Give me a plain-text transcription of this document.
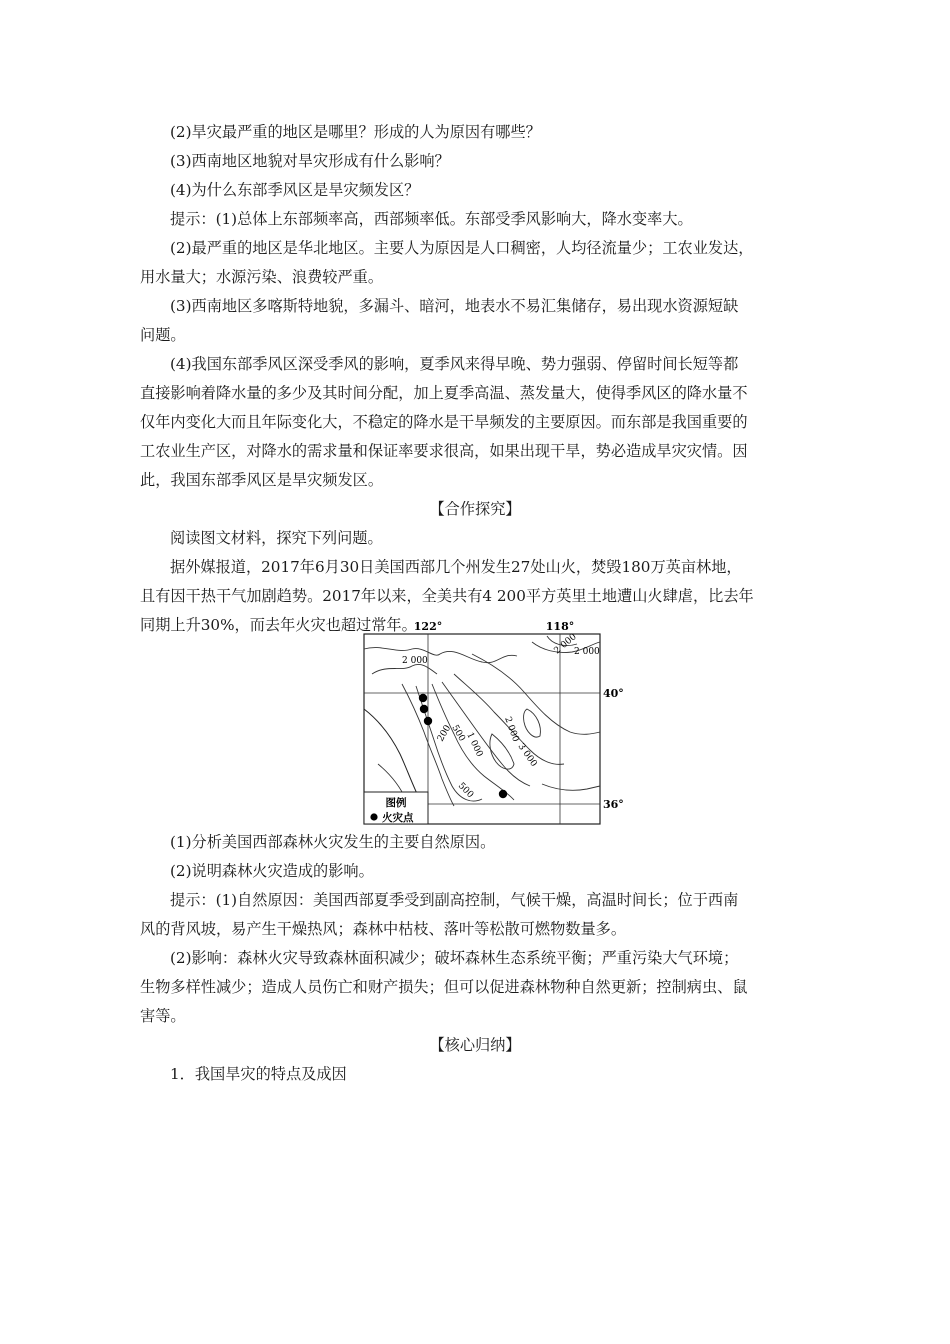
(2)旱灾最严重的地区是哪里？形成的人为原因有哪些？

(3)西南地区地貌对旱灾形成有什么影响？

(4)为什么东部季风区是旱灾频发区？

提示：(1)总体上东部频率高，西部频率低。东部受季风影响大，降水变率大。

(2)最严重的地区是华北地区。主要人为原因是人口稠密，人均径流量少；工农业发达，

用水量大；水源污染、浪费较严重。

(3)西南地区多喀斯特地貌，多漏斗、暗河，地表水不易汇集储存，易出现水资源短缺

问题。

(4)我国东部季风区深受季风的影响，夏季风来得早晚、势力强弱、停留时间长短等都

直接影响着降水量的多少及其时间分配，加上夏季高温、蒸发量大，使得季风区的降水量不

仅年内变化大而且年际变化大，不稳定的降水是干旱频发的主要原因。而东部是我国重要的

工农业生产区，对降水的需求量和保证率要求很高，如果出现干旱，势必造成旱灾灾情。因

此，我国东部季风区是旱灾频发区。

【合作探究】

阅读图文材料，探究下列问题。

据外媒报道，2017年6月30日美国西部几个州发生27处山火，焚毁180万英亩林地，

且有因干热干气加剧趋势。2017年以来，全美共有4 200平方英里土地遭山火肆虐，比去年

同期上升30%，而去年火灾也超过常年。

图例
火灾点
122°	118°
40°
36°
2 000
2 000
2 000
2 000
500
1 000
200
3 000
500

(1)分析美国西部森林火灾发生的主要自然原因。

(2)说明森林火灾造成的影响。

提示：(1)自然原因：美国西部夏季受到副高控制，气候干燥，高温时间长；位于西南

风的背风坡，易产生干燥热风；森林中枯枝、落叶等松散可燃物数量多。

(2)影响：森林火灾导致森林面积减少；破坏森林生态系统平衡；严重污染大气环境；

生物多样性减少；造成人员伤亡和财产损失；但可以促进森林物种自然更新；控制病虫、鼠

害等。

【核心归纳】

1．我国旱灾的特点及成因
